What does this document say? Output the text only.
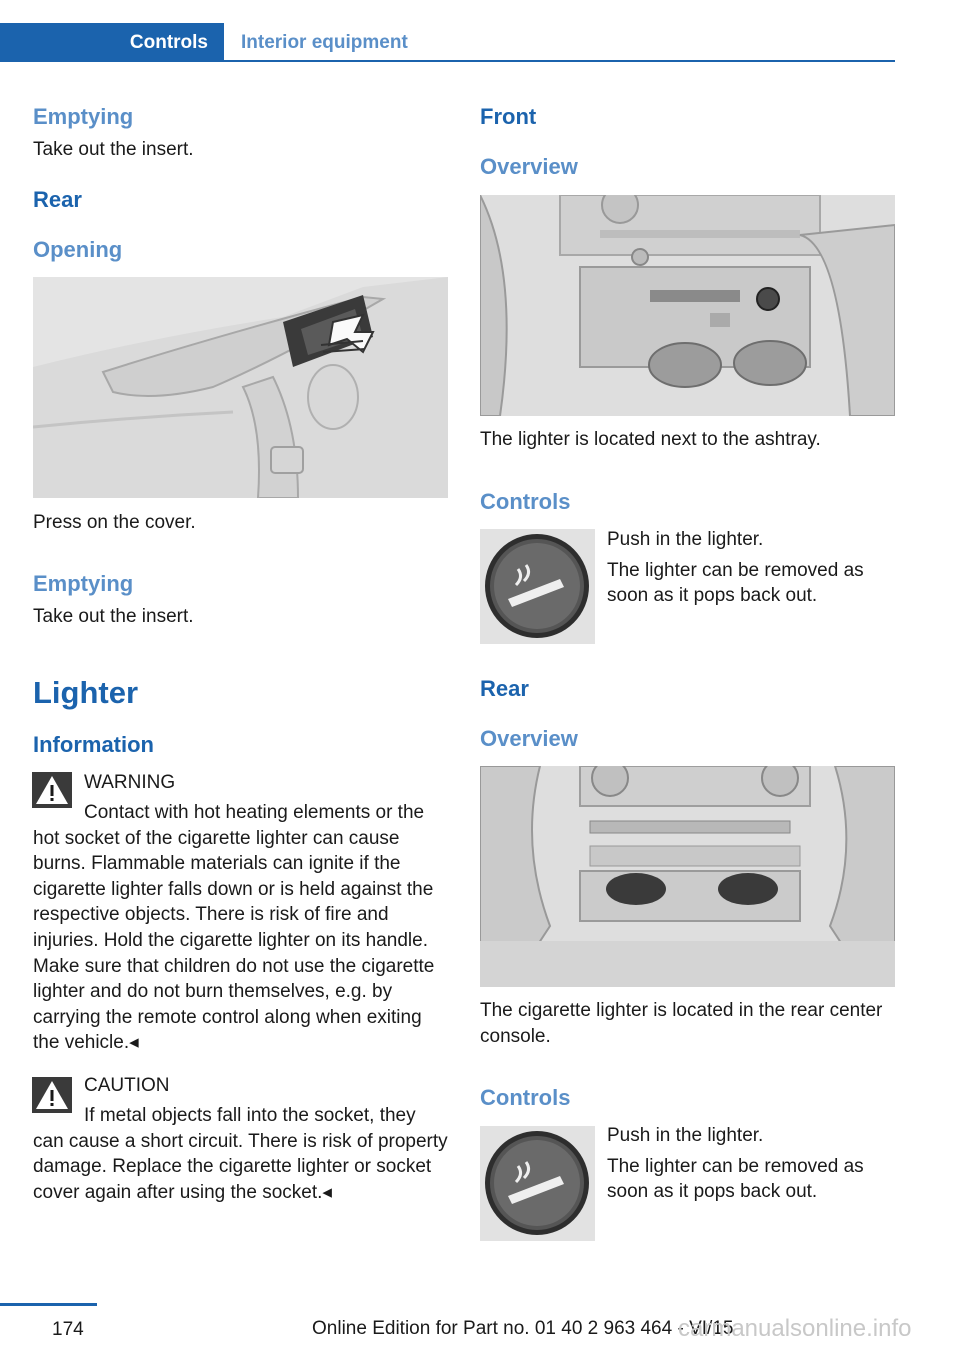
Controls	Interior equipment
Emptying
Take out the insert.
Rear
Opening
Press on the cover.
Emptying
Take out the insert.
Lighter
Information
WARNING
Contact with hot heating elements or the hot socket of the cigarette lighter can cause burns. Flammable materials can ignite if the cigarette lighter falls down or is held against the respective objects. There is risk of fire and injuries. Hold the cigarette lighter on its handle. Make sure that children do not use the cigarette lighter and do not burn themselves, e.g. by carrying the remote control along when exiting the vehicle.◂
CAUTION
If metal objects fall into the socket, they can cause a short circuit. There is risk of property damage. Replace the cigarette lighter or socket cover again after using the socket.◂
Front
Overview
The lighter is located next to the ashtray.
Controls
Push in the lighter.
The lighter can be removed as soon as it pops back out.
Rear
Overview
The cigarette lighter is located in the rear center console.
Controls
Push in the lighter.
The lighter can be removed as soon as it pops back out.
174	Online Edition for Part no. 01 40 2 963 464 - VI/15
carmanualsonline.info
